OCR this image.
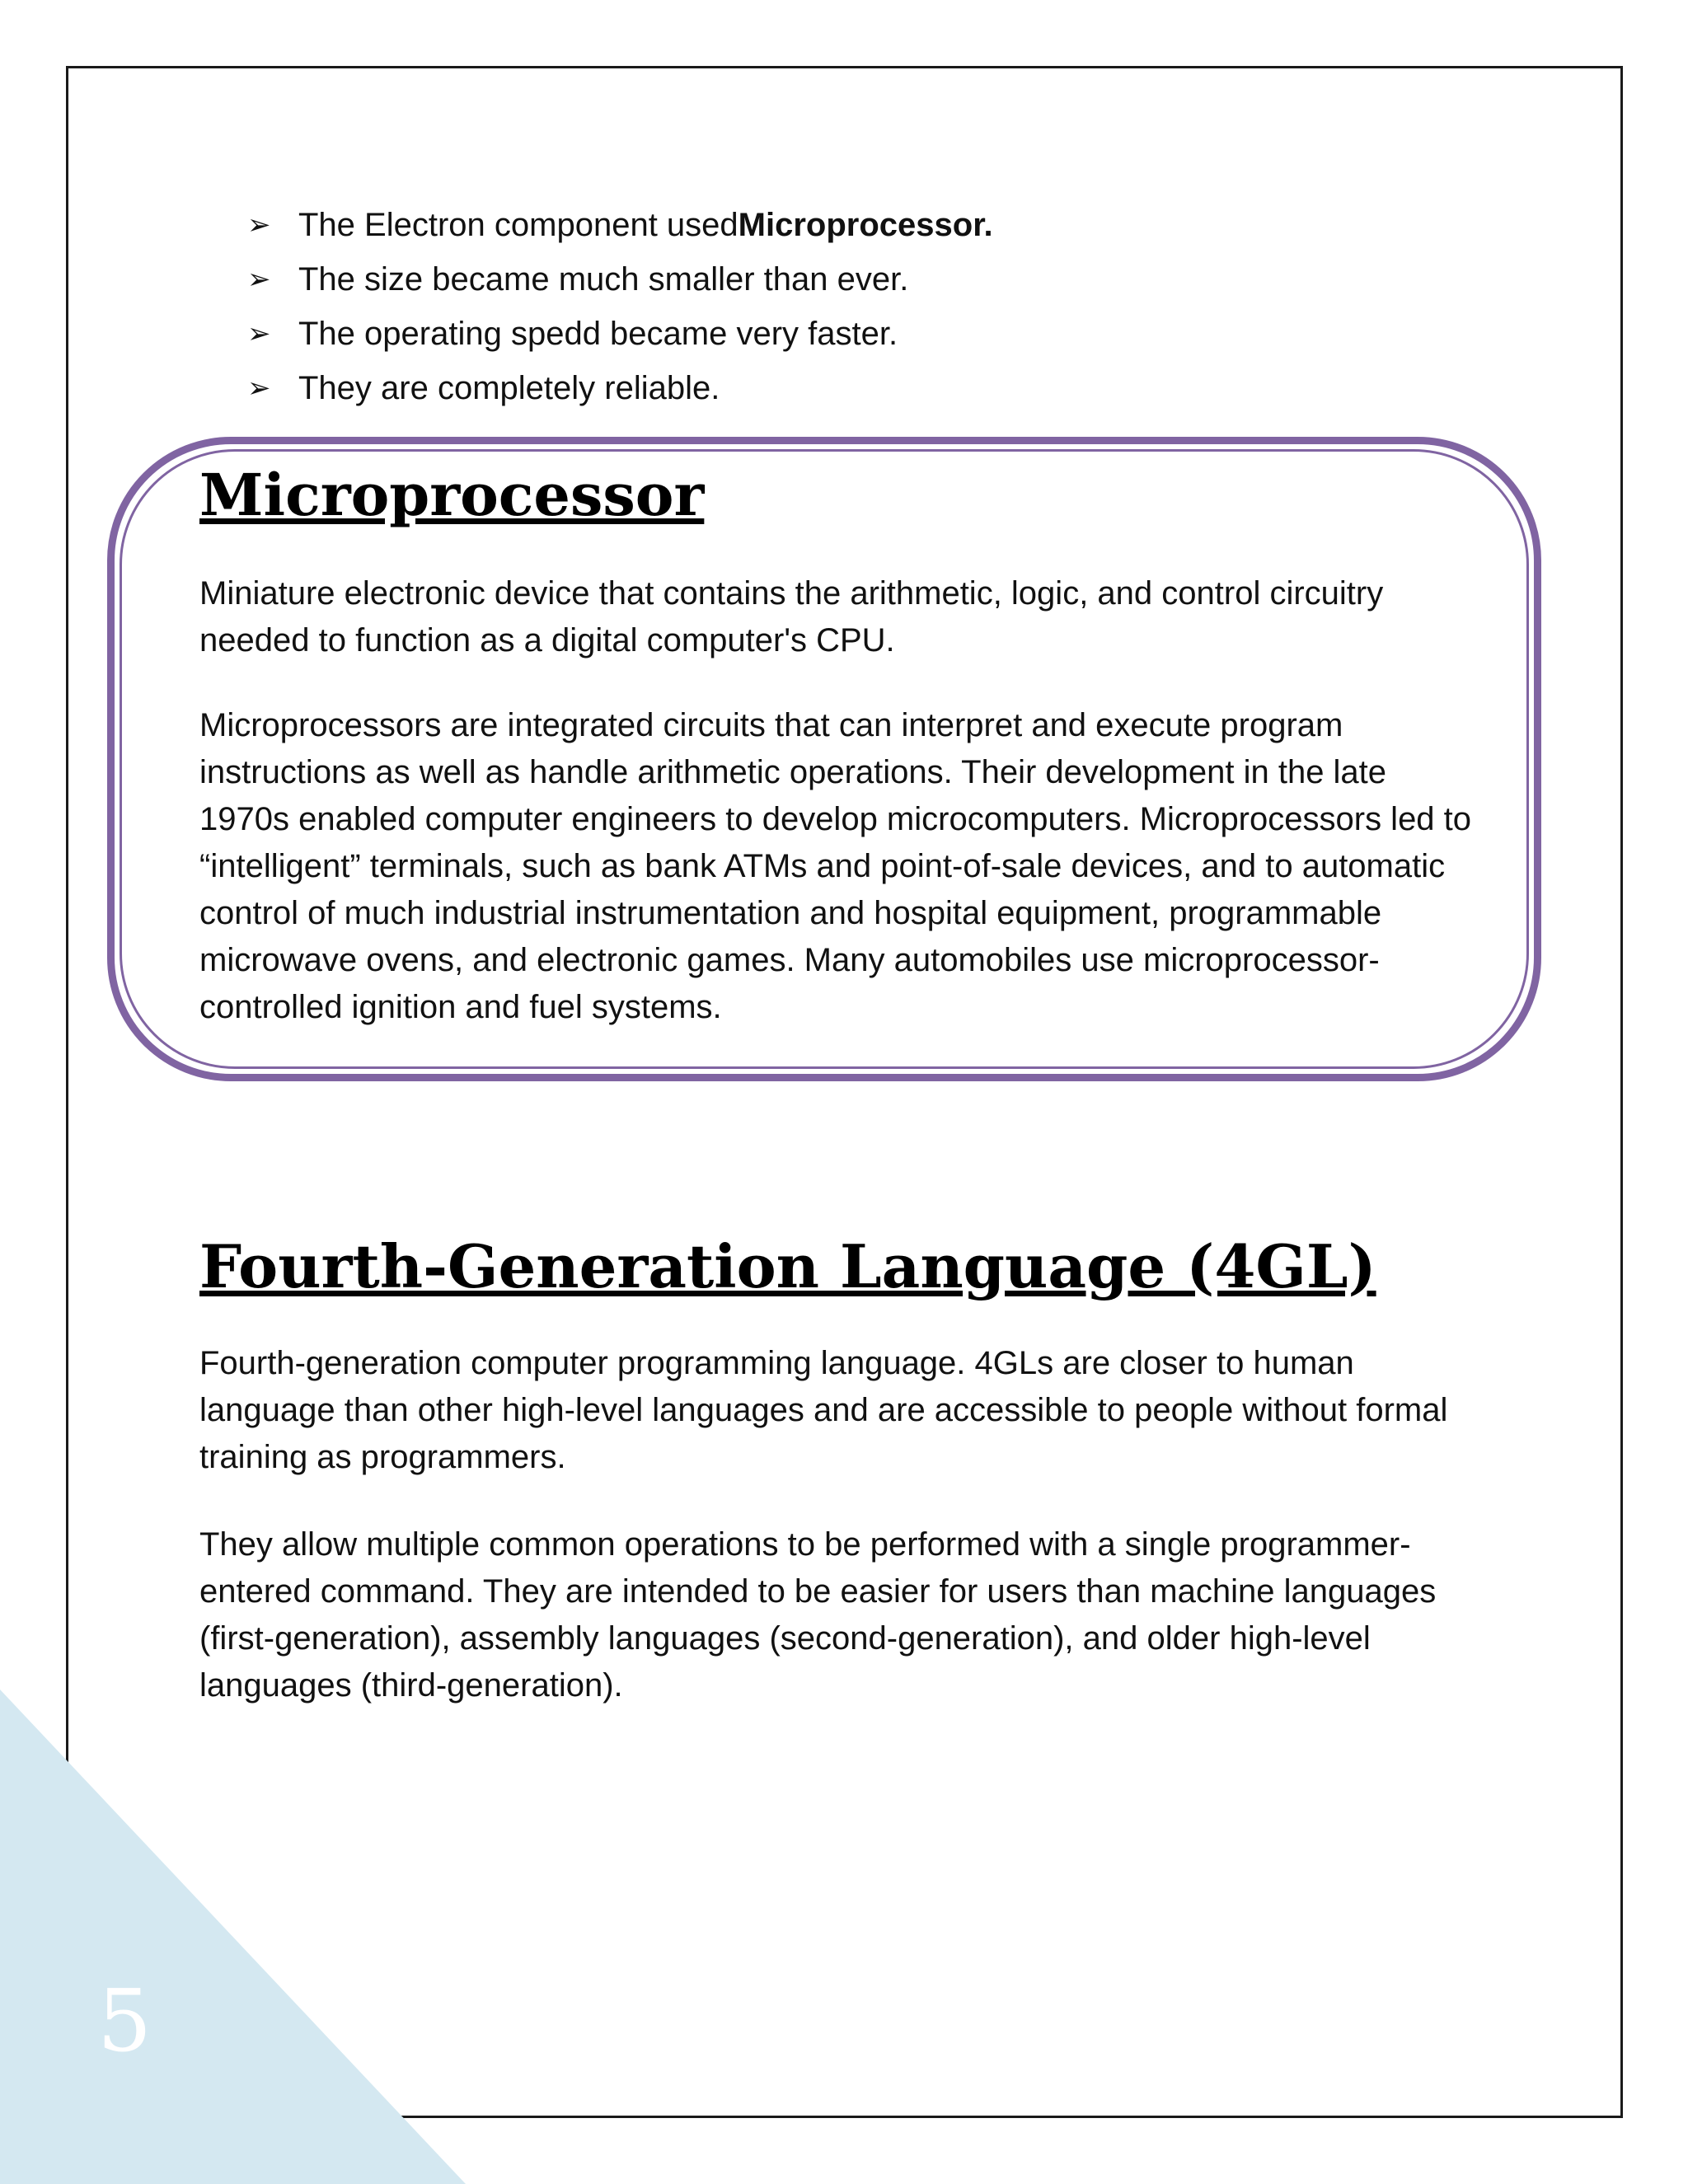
5
➢ The Electron component used Microprocessor.
➢ The size became much smaller than ever.
➢ The operating spedd became very faster.
➢ They are completely reliable.
Microprocessor

Miniature electronic device that contains the arithmetic, logic, and control circuitry needed to function as a digital computer's CPU.

Microprocessors are integrated circuits that can interpret and execute program instructions as well as handle arithmetic operations. Their development in the late 1970s enabled computer engineers to develop microcomputers. Microprocessors led to “intelligent” terminals, such as bank ATMs and point-of-sale devices, and to automatic control of much industrial instrumentation and hospital equipment, programmable microwave ovens, and electronic games. Many automobiles use microprocessor-controlled ignition and fuel systems.

Fourth-Generation Language (4GL)

Fourth-generation computer programming language. 4GLs are closer to human language than other high-level languages and are accessible to people without formal training as programmers.

They allow multiple common operations to be performed with a single programmer-entered command. They are intended to be easier for users than machine languages (first-generation), assembly languages (second-generation), and older high-level languages (third-generation).
